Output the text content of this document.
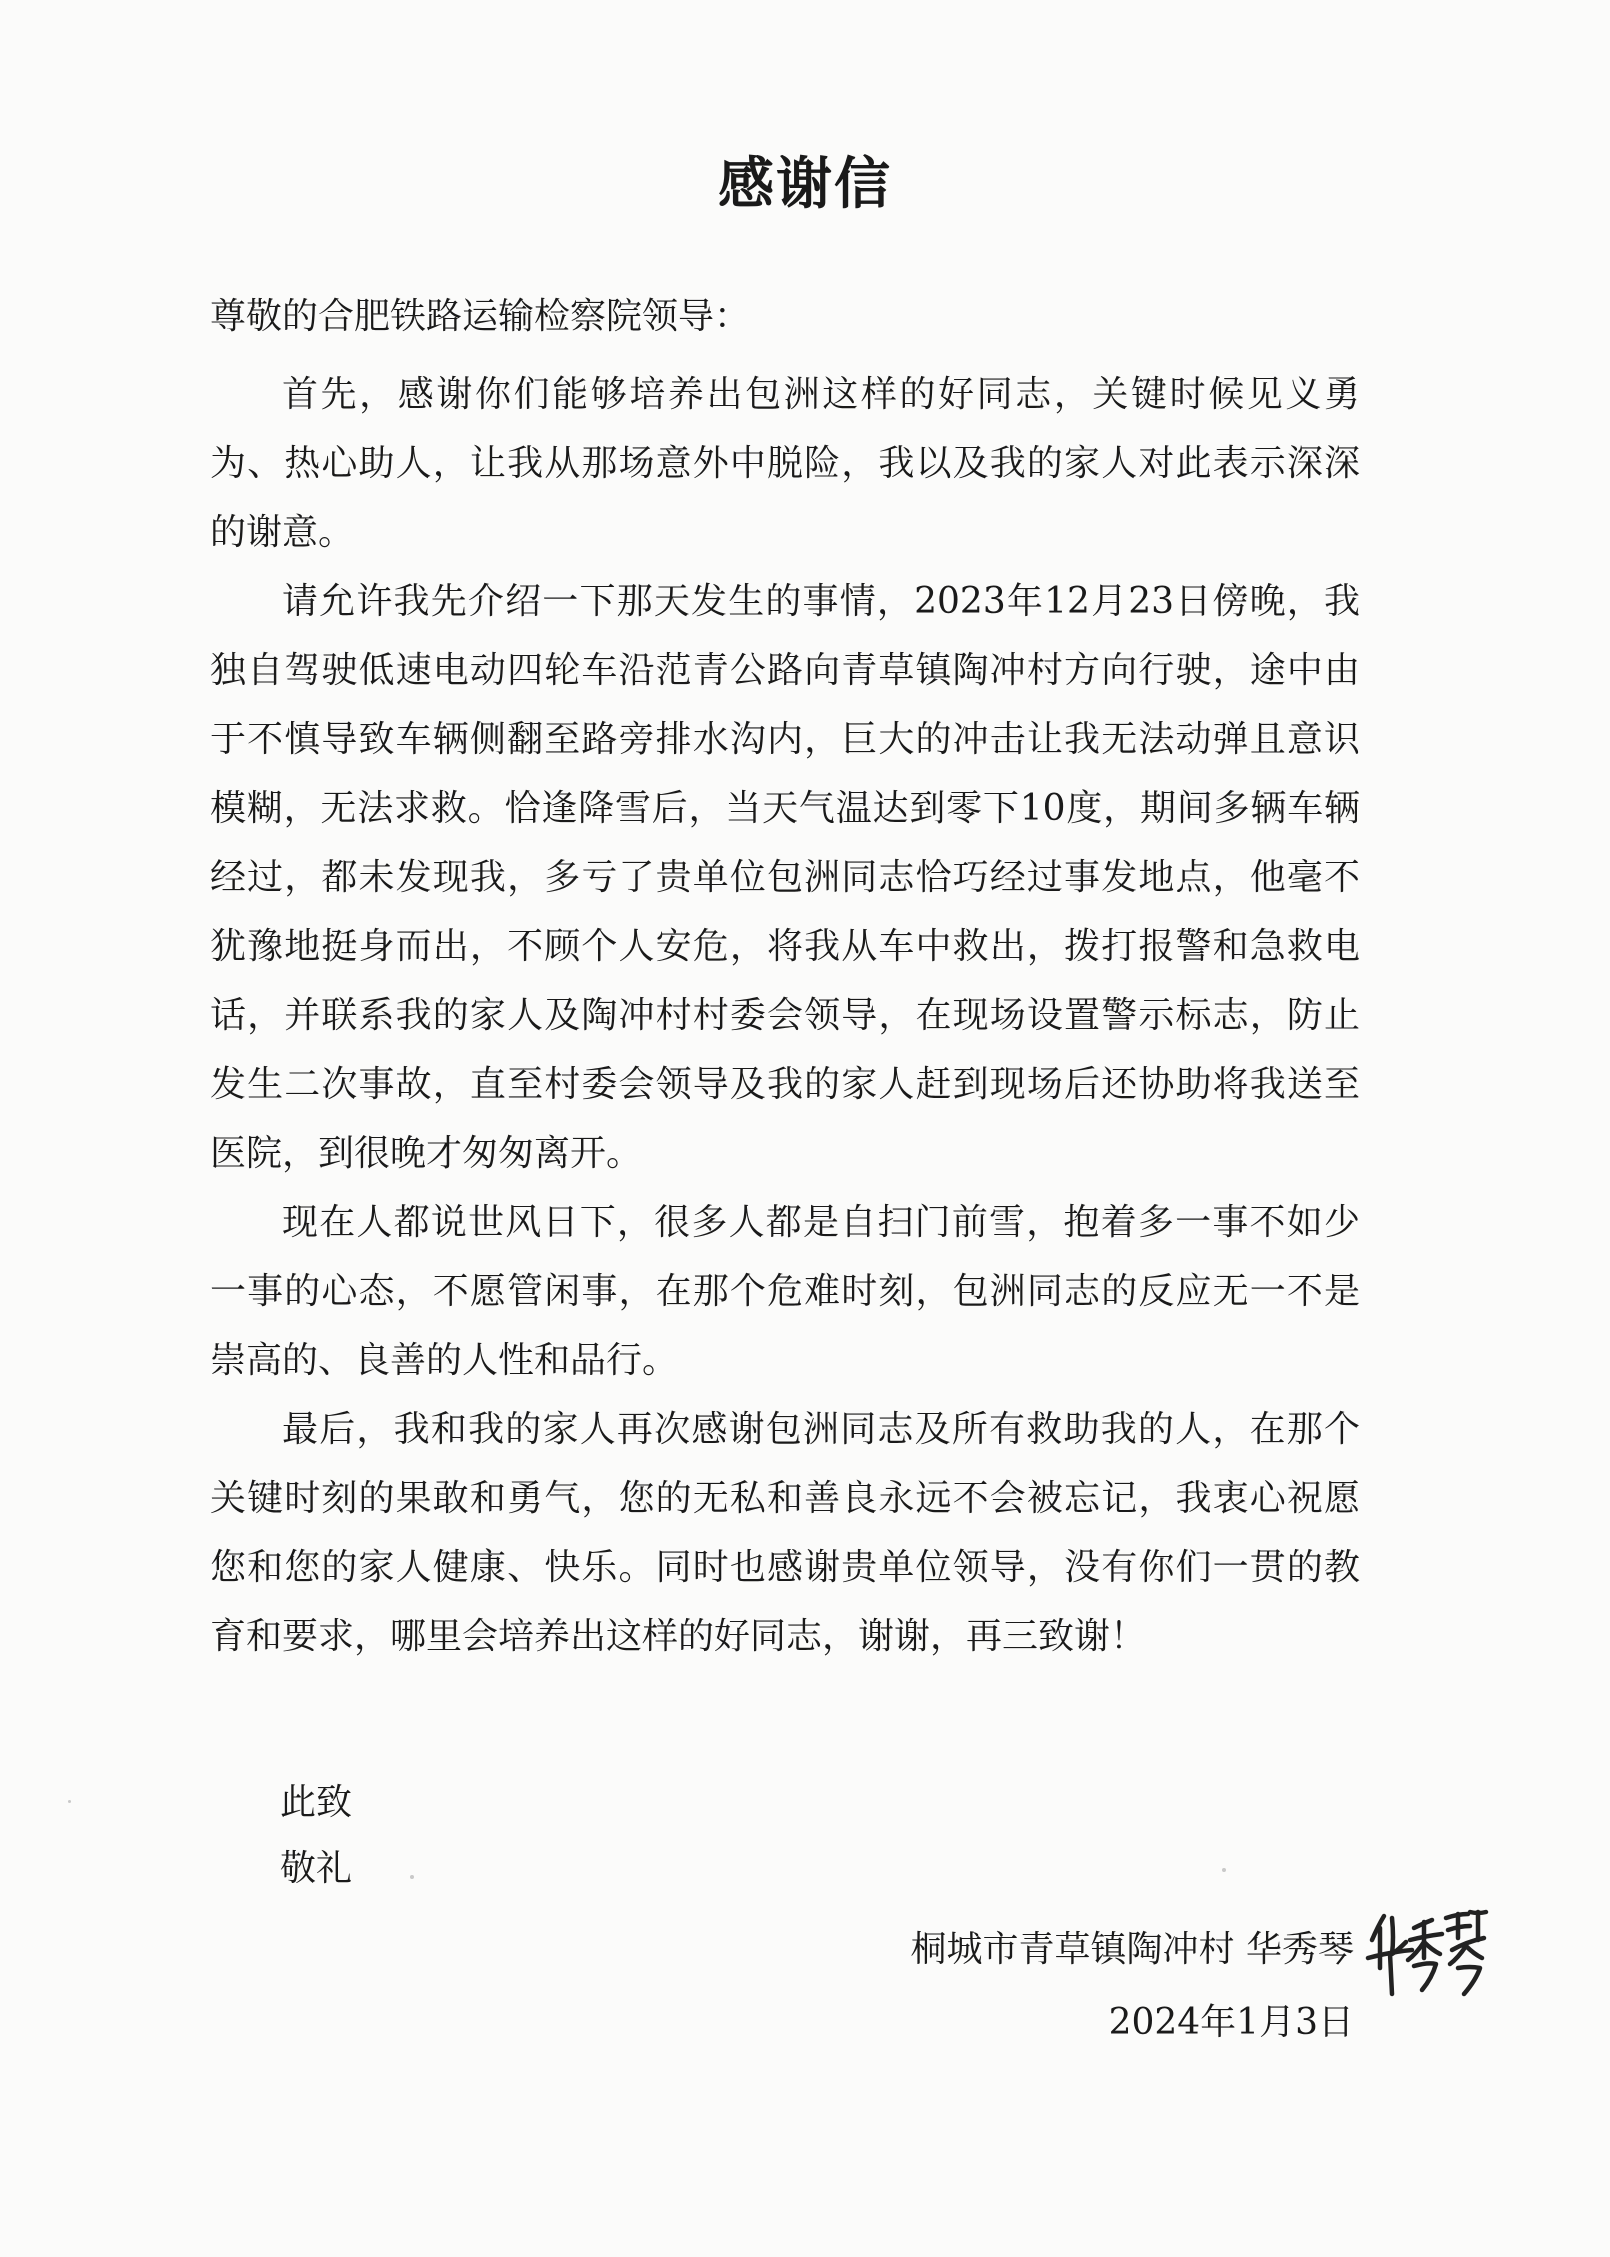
感谢信
尊敬的合肥铁路运输检察院领导：

首先，感谢你们能够培养出包洲这样的好同志，关键时候见义勇为、热心助人，让我从那场意外中脱险，我以及我的家人对此表示深深的谢意。

请允许我先介绍一下那天发生的事情，2023年12月23日傍晚，我独自驾驶低速电动四轮车沿范青公路向青草镇陶冲村方向行驶，途中由于不慎导致车辆侧翻至路旁排水沟内，巨大的冲击让我无法动弹且意识模糊，无法求救。恰逢降雪后，当天气温达到零下10度，期间多辆车辆经过，都未发现我，多亏了贵单位包洲同志恰巧经过事发地点，他毫不犹豫地挺身而出，不顾个人安危，将我从车中救出，拨打报警和急救电话，并联系我的家人及陶冲村村委会领导，在现场设置警示标志，防止发生二次事故，直至村委会领导及我的家人赶到现场后还协助将我送至医院，到很晚才匆匆离开。

现在人都说世风日下，很多人都是自扫门前雪，抱着多一事不如少一事的心态，不愿管闲事，在那个危难时刻，包洲同志的反应无一不是崇高的、良善的人性和品行。

最后，我和我的家人再次感谢包洲同志及所有救助我的人，在那个关键时刻的果敢和勇气，您的无私和善良永远不会被忘记，我衷心祝愿您和您的家人健康、快乐。同时也感谢贵单位领导，没有你们一贯的教育和要求，哪里会培养出这样的好同志，谢谢，再三致谢！

此致
敬礼
桐城市青草镇陶冲村 华秀琴
2024年1月3日
